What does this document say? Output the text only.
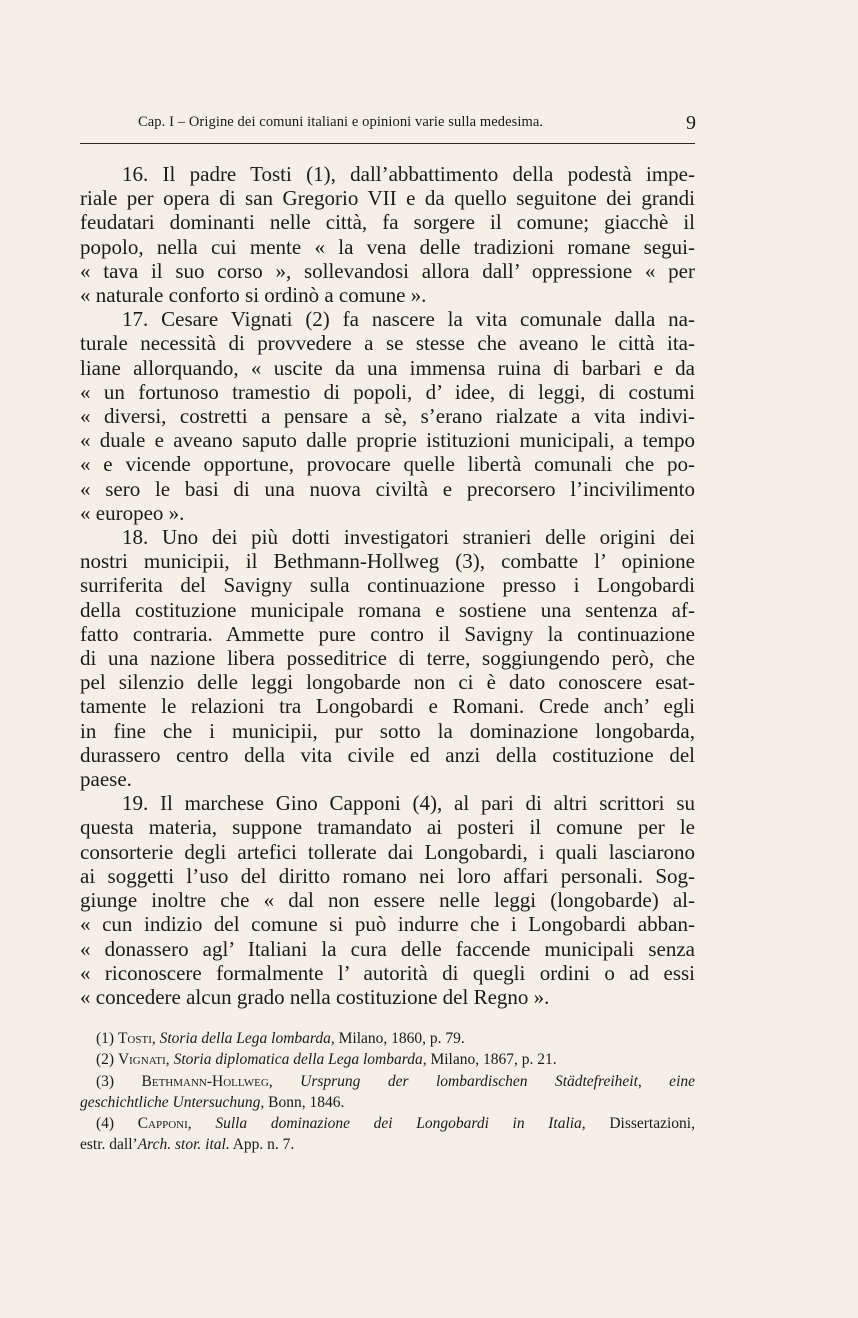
Cap. I – Origine dei comuni italiani e opinioni varie sulla medesima.	9

16. Il padre Tosti (1), dall’abbattimento della podestà impe-
riale per opera di san Gregorio VII e da quello seguitone dei grandi
feudatari dominanti nelle città, fa sorgere il comune; giacchè il
popolo, nella cui mente « la vena delle tradizioni romane segui-
« tava il suo corso », sollevandosi allora dall’ oppressione « per
« naturale conforto si ordinò a comune ».

17. Cesare Vignati (2) fa nascere la vita comunale dalla na-
turale necessità di provvedere a se stesse che aveano le città ita-
liane allorquando, « uscite da una immensa ruina di barbari e da
« un fortunoso tramestio di popoli, d’ idee, di leggi, di costumi
« diversi, costretti a pensare a sè, s’erano rialzate a vita indivi-
« duale e aveano saputo dalle proprie istituzioni municipali, a tempo
« e vicende opportune, provocare quelle libertà comunali che po-
« sero le basi di una nuova civiltà e precorsero l’incivilimento
« europeo ».

18. Uno dei più dotti investigatori stranieri delle origini dei
nostri municipii, il Bethmann-Hollweg (3), combatte l’ opinione
surriferita del Savigny sulla continuazione presso i Longobardi
della costituzione municipale romana e sostiene una sentenza af-
fatto contraria. Ammette pure contro il Savigny la continuazione
di una nazione libera posseditrice di terre, soggiungendo però, che
pel silenzio delle leggi longobarde non ci è dato conoscere esat-
tamente le relazioni tra Longobardi e Romani. Crede anch’ egli
in fine che i municipii, pur sotto la dominazione longobarda,
durassero centro della vita civile ed anzi della costituzione del
paese.

19. Il marchese Gino Capponi (4), al pari di altri scrittori su
questa materia, suppone tramandato ai posteri il comune per le
consorterie degli artefici tollerate dai Longobardi, i quali lasciarono
ai soggetti l’uso del diritto romano nei loro affari personali. Sog-
giunge inoltre che « dal non essere nelle leggi (longobarde) al-
« cun indizio del comune si può indurre che i Longobardi abban-
« donassero agl’ Italiani la cura delle faccende municipali senza
« riconoscere formalmente l’ autorità di quegli ordini o ad essi
« concedere alcun grado nella costituzione del Regno ».

(1) Tosti, Storia della Lega lombarda, Milano, 1860, p. 79.
(2) Vignati, Storia diplomatica della Lega lombarda, Milano, 1867, p. 21.
(3) Bethmann-Hollweg, Ursprung der lombardischen Städtefreiheit, eine
geschichtliche Untersuchung, Bonn, 1846.
(4) Capponi, Sulla dominazione dei Longobardi in Italia, Dissertazioni,
estr. dall’Arch. stor. ital. App. n. 7.
